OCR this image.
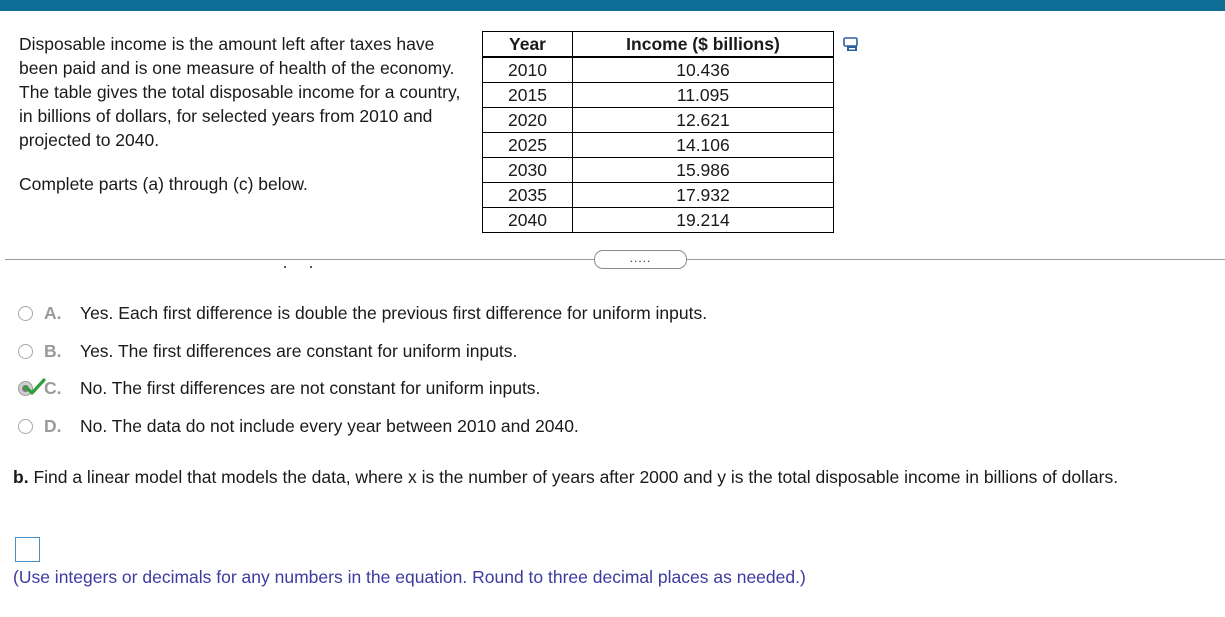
Disposable income is the amount left after taxes have been paid and is one measure of health of the economy. The table gives the total disposable income for a country, in billions of dollars, for selected years from 2010 and projected to 2040.

Complete parts (a) through (c) below.

Year	Income ($ billions)
2010	10.436
2015	11.095
2020	12.621
2025	14.106
2030	15.986
2035	17.932
2040	19.214
.....
A.	Yes. Each first difference is double the previous first difference for uniform inputs.
B.	Yes. The first differences are constant for uniform inputs.
C.	No. The first differences are not constant for uniform inputs.
D.	No. The data do not include every year between 2010 and 2040.
b. Find a linear model that models the data, where x is the number of years after 2000 and y is the total disposable income in billions of dollars.
(Use integers or decimals for any numbers in the equation. Round to three decimal places as needed.)
